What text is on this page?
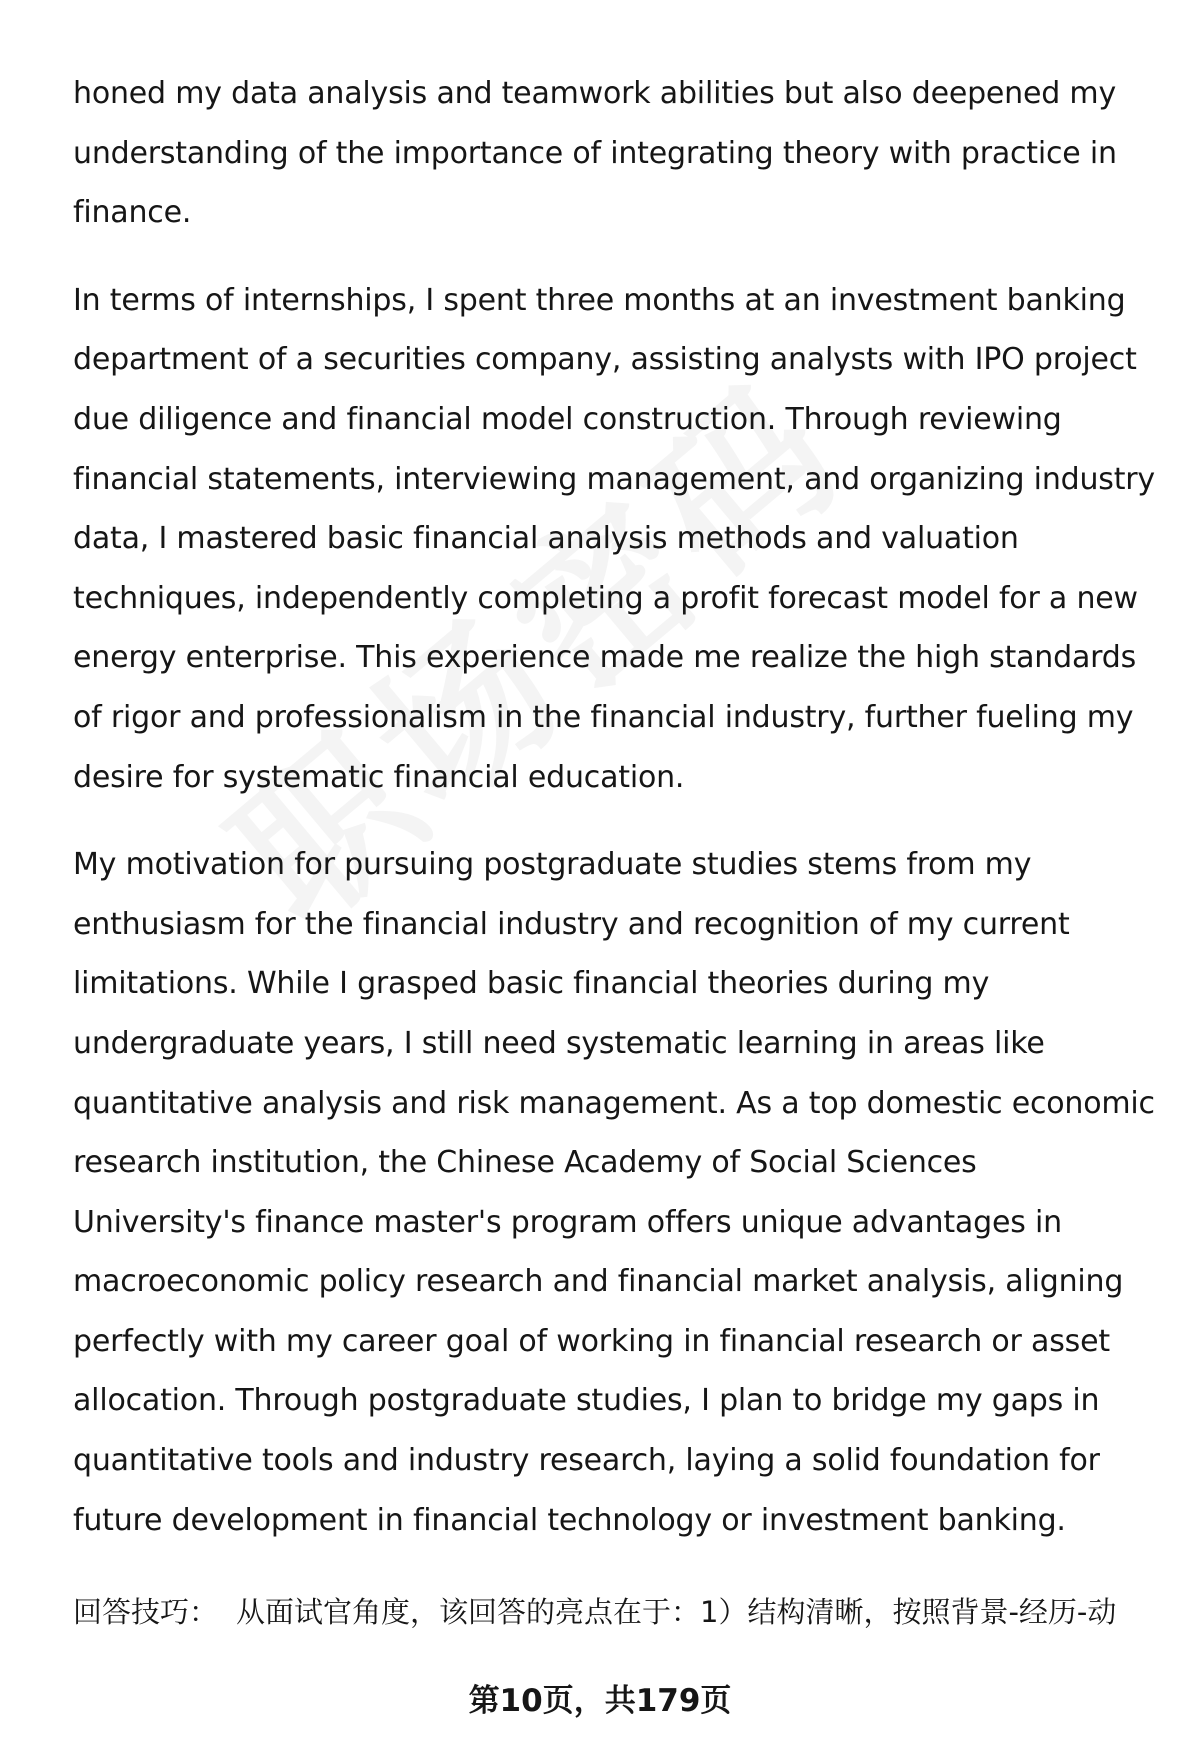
honed my data analysis and teamwork abilities but also deepened my understanding of the importance of integrating theory with practice in finance.

In terms of internships, I spent three months at an investment banking department of a securities company, assisting analysts with IPO project due diligence and financial model construction. Through reviewing financial statements, interviewing management, and organizing industry data, I mastered basic financial analysis methods and valuation techniques, independently completing a profit forecast model for a new energy enterprise. This experience made me realize the high standards of rigor and professionalism in the financial industry, further fueling my desire for systematic financial education.

My motivation for pursuing postgraduate studies stems from my enthusiasm for the financial industry and recognition of my current limitations. While I grasped basic financial theories during my undergraduate years, I still need systematic learning in areas like quantitative analysis and risk management. As a top domestic economic research institution, the Chinese Academy of Social Sciences University's finance master's program offers unique advantages in macroeconomic policy research and financial market analysis, aligning perfectly with my career goal of working in financial research or asset allocation. Through postgraduate studies, I plan to bridge my gaps in quantitative tools and industry research, laying a solid foundation for future development in financial technology or investment banking.

回答技巧： 从面试官角度，该回答的亮点在于：1）结构清晰，按照背景-经历-动
第10页，共179页
